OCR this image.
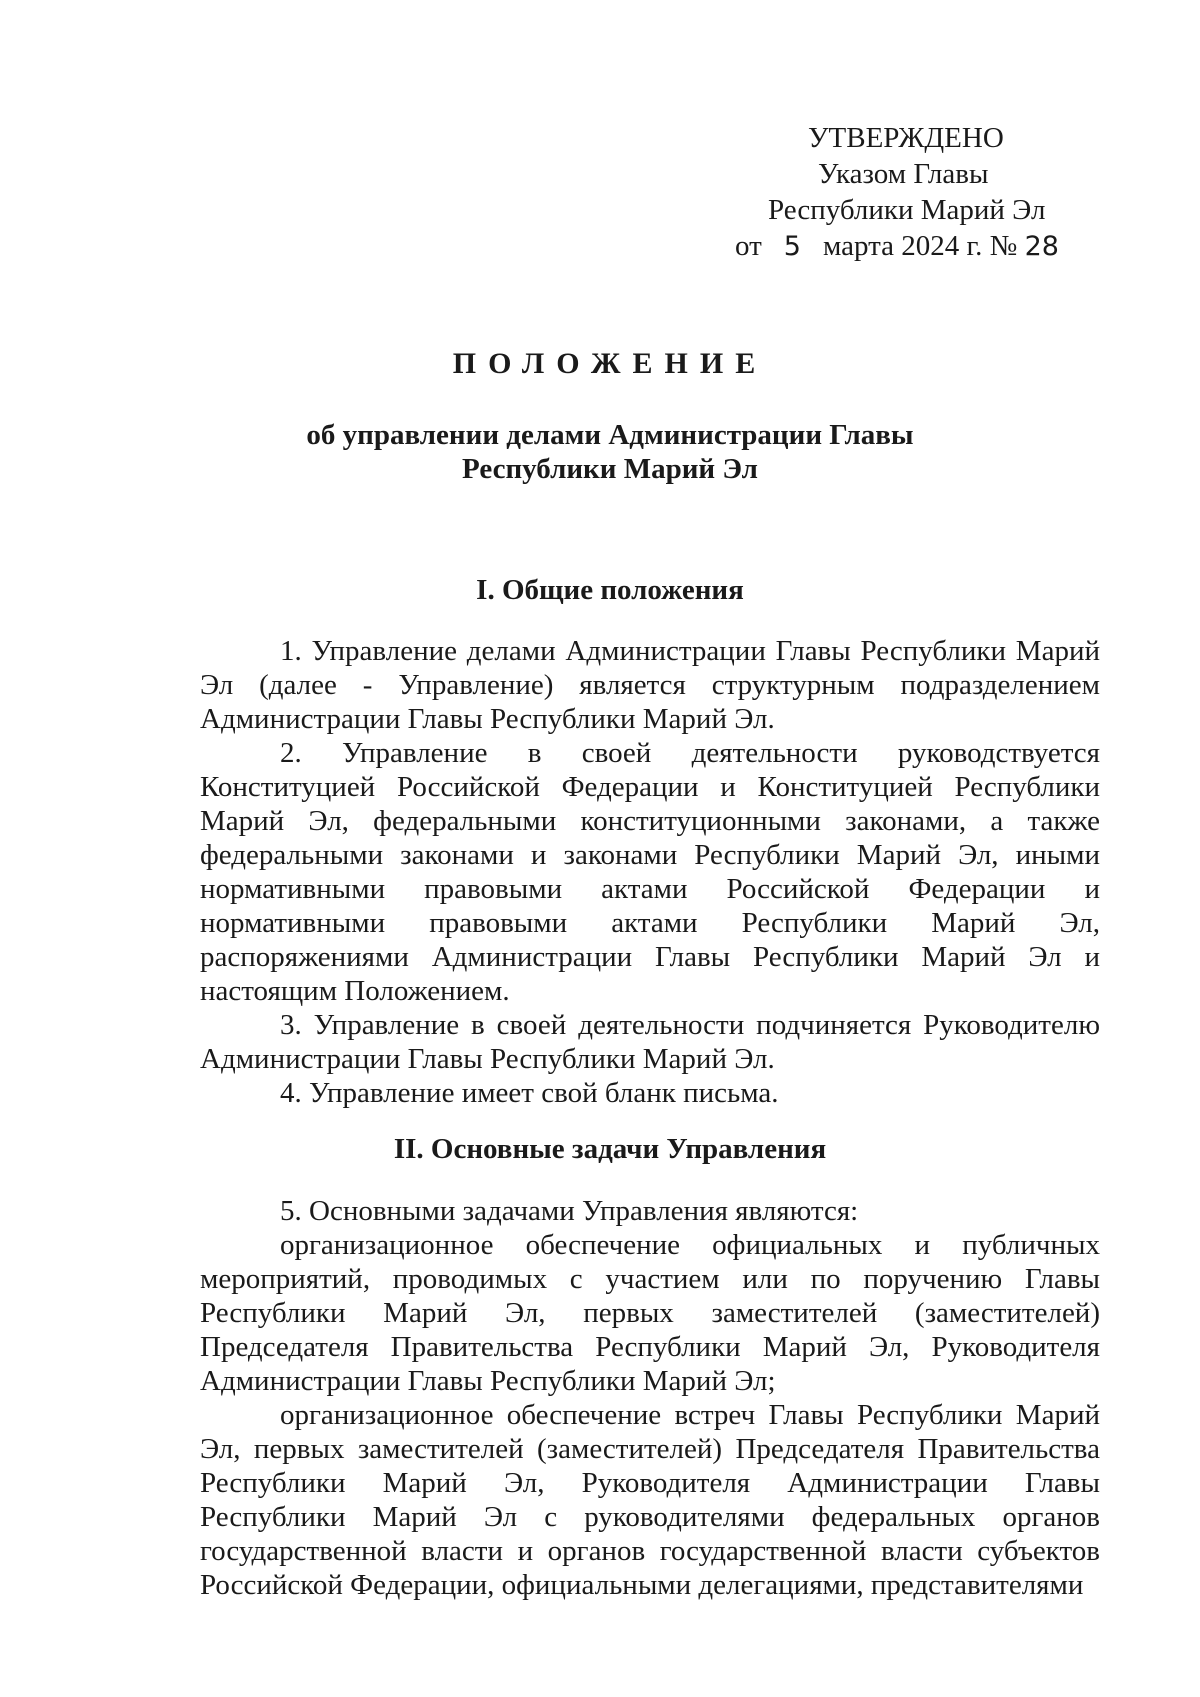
УТВЕРЖДЕНО
Указом Главы
Республики Марий Эл
от 5 марта 2024 г. № 28
ПОЛОЖЕНИЕ
об управлении делами Администрации Главы
Республики Марий Эл
I. Общие положения

1. Управление делами Администрации Главы Республики Марий Эл (далее - Управление) является структурным подразделением Администрации Главы Республики Марий Эл.

2. Управление в своей деятельности руководствуется Конституцией Российской Федерации и Конституцией Республики Марий Эл, федеральными конституционными законами, а также федеральными законами и законами Республики Марий Эл, иными нормативными правовыми актами Российской Федерации и нормативными правовыми актами Республики Марий Эл, распоряжениями Администрации Главы Республики Марий Эл и настоящим Положением.

3. Управление в своей деятельности подчиняется Руководителю Администрации Главы Республики Марий Эл.

4. Управление имеет свой бланк письма.

II. Основные задачи Управления

5. Основными задачами Управления являются:

организационное обеспечение официальных и публичных мероприятий, проводимых с участием или по поручению Главы Республики Марий Эл, первых заместителей (заместителей) Председателя Правительства Республики Марий Эл, Руководителя Администрации Главы Республики Марий Эл;

организационное обеспечение встреч Главы Республики Марий Эл, первых заместителей (заместителей) Председателя Правительства Республики Марий Эл, Руководителя Администрации Главы Республики Марий Эл с руководителями федеральных органов государственной власти и органов государственной власти субъектов Российской Федерации, официальными делегациями, представителями
